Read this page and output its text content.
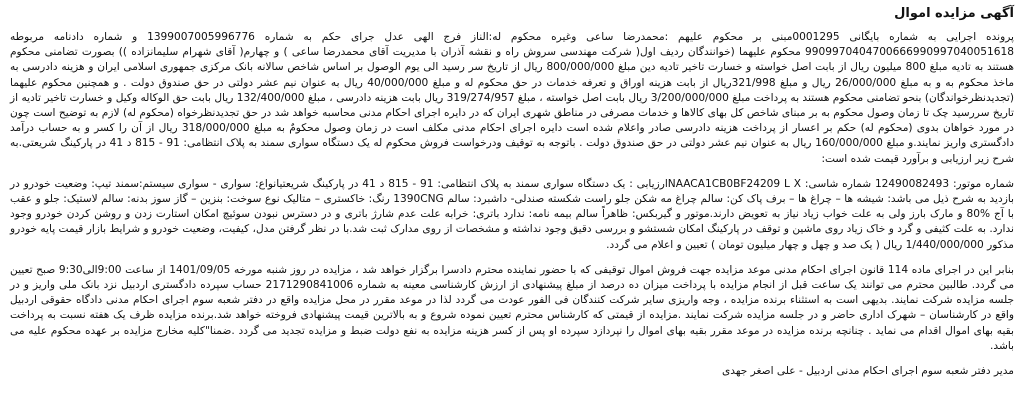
آگهی مزایده اموال

پرونده اجرایی به شماره بایگانی 0001295مبنی بر محکوم علیهم :محمدرضا ساعی وغیره محکوم له:الناز فرج الهی عدل جرای حکم به شماره 1399007005996776 و شماره دادنامه مربوطه 9909970404700666990997040051618 محکوم علیهما (خوانندگان ردیف اول( شرکت مهندسی سروش راه و نقشه آذران با مدیریت آقای محمدرضا ساعی ) و چهارم( آقای شهرام سلیمانزاده )) بصورت تضامنی محکوم هستند به تادیه مبلغ 800 میلیون ریال از بابت اصل خواسته و خسارت تاخیر تادیه دین مبلغ 800/000/000 ریال از تاریخ سر رسید الی یوم الوصول بر اساس شاخص سالانه بانک مرکزی جمهوری اسلامی ایران و هزینه دادرسی به ماخذ محکوم به و به مبلغ 26/000/000 ریال و مبلغ 321/998ریال از بابت هزینه اوراق و تعرفه خدمات در حق محکوم له و مبلغ 40/000/000 ریال به عنوان نیم عشر دولتی در حق صندوق دولت . و همچنین محکوم علیهما (تجدیدنظرخواندگان) بنحو تضامنی محکوم هستند به پرداخت مبلغ 3/200/000/000 ریال بابت اصل خواسته ، مبلغ 319/274/957 ریال بابت هزینه دادرسی ، مبلغ 132/400/000 ریال بابت حق الوکاله وکیل و خسارت تاخیر تادیه از تاریخ سررسید چک تا زمان وصول محکوم به بر مبنای شاخص کل بهای کالاها و خدمات مصرفی در مناطق شهری ایران که در دایره اجرای احکام مدنی محاسبه خواهد شد در حق تجدیدنظرخواه (محکوم له) لازم به توضیح است چون در مورد خواهان بدوی (محکوم له) حکم بر اعسار از پرداخت هزینه دادرسی صادر واعلام شده است دایره اجرای احکام مدنی مکلف است در زمان وصول محکومٌ به مبلغ 318/000/000 ریال از آن را کسر و به حساب درآمد دادگستری واریز نمایند.و مبلغ 160/000/000 ریال به عنوان نیم عشر دولتی در حق صندوق دولت . باتوجه به توقیف ودرخواست فروش محکوم له یک دستگاه سواری سمند به پلاک انتظامی: 91 - 815 د 41 در پارکینگ شریعتی.به شرح زیر ارزیابی و برآورد قیمت شده است:

شماره موتور: 12490082493 شماره شاسی: NAACA1CB0BF24209 L Xارزیابی : یک دستگاه سواری سمند به پلاک انتظامی: 91 - 815 د 41 در پارکینگ شریعتیانواع: سواری - سواری سیستم:سمند تیپ: وضعیت خودرو در بازدید به شرح ذیل می باشد: شیشه ها – چراغ ها – برف پاک کن: سالم چراغ مه شکن جلو راست شکسته صندلی- داشبرد: سالم 1390CNG رنگ: خاکستری – متالیک نوع سوخت: بنزین – گاز سوز بدنه: سالم لاستیک: جلو و عقب با آج %80 و مارک بارز ولی به علت خواب زیاد نیاز به تعویض دارند.موتور و گیربکس: ظاهراً سالم بیمه نامه: ندارد باتری: خرابه علت عدم شارژ باتری و در دسترس نبودن سوئیچ امکان استارت زدن و روشن کردن خودرو وجود ندارد. به علت کثیفی و گرد و خاک زیاد روی ماشین و توقف در پارکینگ امکان شستشو و بررسی دقیق وجود نداشته و مشخصات از روی مدارک ثبت شد.با در نظر گرفتن مدل، کیفیت، وضعیت خودرو و شرایط بازار قیمت پایه خودرو مذکور 1/440/000/000 ریال ( یک صد و چهل و چهار میلیون تومان ) تعیین و اعلام می گردد.

بنابر این در اجرای ماده 114 قانون اجرای احکام مدنی موعد مزایده جهت فروش اموال توقیفی که با حضور نماینده محترم دادسرا برگزار خواهد شد ، مزایده در روز شنبه مورخه 1401/09/05 از ساعت 9:00الی9:30 صبح تعیین می گردد. طالبین محترم می توانند یک ساعت قبل از انجام مزایده با پرداخت میزان ده درصد از مبلغ پیشنهادی از ارزش کارشناسی معینه به شماره 2171290841006 حساب سپرده دادگستری اردبیل نزد بانک ملی واریز و در جلسه مزایده شرکت نمایند. بدیهی است به استثناء برنده مزایده ، وجه واریزی سایر شرکت کنندگان فی الفور عودت می گردد لذا در موعد مقرر در محل مزایده واقع در دفتر شعبه سوم اجرای احکام مدنی دادگاه حقوقی اردبیل واقع در کارشناسان – شهرک اداری حاضر و در جلسه مزایده شرکت نمایند .مزایده از قیمتی که کارشناس محترم تعیین نموده شروع و به بالاترین قیمت پیشنهادی فروخته خواهد شد.برنده مزایده ظرف یک هفته نسبت به پرداخت بقیه بهای اموال اقدام می نماید . چنانچه برنده مزایده در موعد مقرر بقیه بهای اموال را نپردازد سپرده او پس از کسر هزینه مزایده به نفع دولت ضبط و مزایده تجدید می گردد .ضمنا"کلیه مخارج مزایده بر عهده محکوم علیه می باشد.

مدیر دفتر شعبه سوم اجرای احکام مدنی اردبیل - علی اصغر جهدی
